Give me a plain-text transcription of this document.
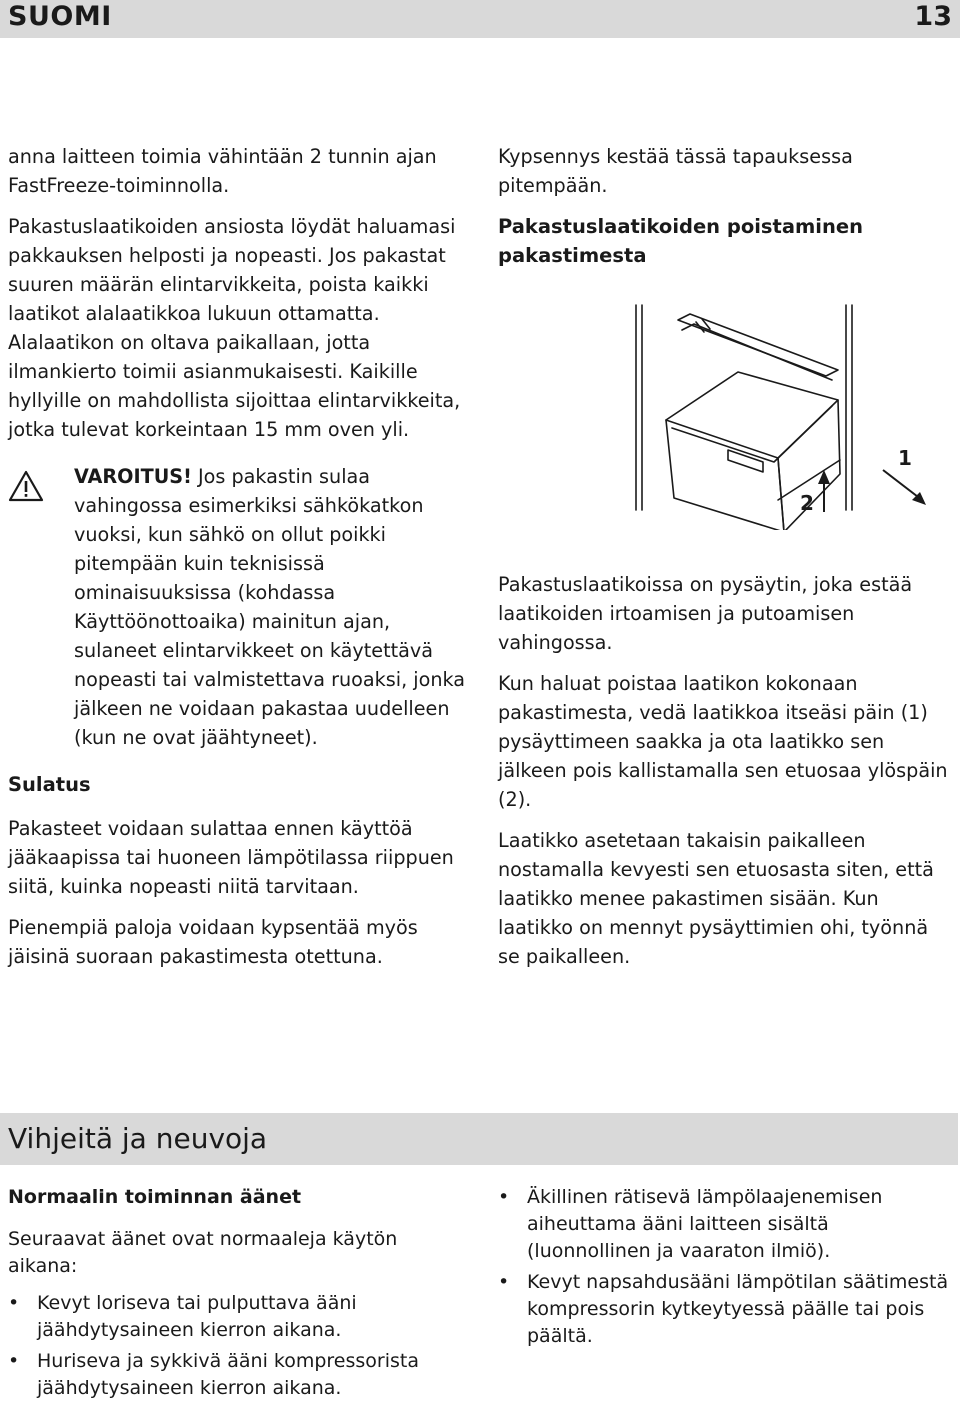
SUOMI	13

anna laitteen toimia vähintään 2 tunnin ajan FastFreeze-toiminnolla.

Pakastuslaatikoiden ansiosta löydät haluamasi pakkauksen helposti ja nopeasti. Jos pakastat suuren määrän elintarvikkeita, poista kaikki laatikot alalaatikkoa lukuun ottamatta. Alalaatikon on oltava paikallaan, jotta ilmankierto toimii asianmukaisesti. Kaikille hyllyille on mahdollista sijoittaa elintarvikkeita, jotka tulevat korkeintaan 15 mm oven yli.

VAROITUS! Jos pakastin sulaa vahingossa esimerkiksi sähkökatkon vuoksi, kun sähkö on ollut poikki pitempään kuin teknisissä ominaisuuksissa (kohdassa Käyttöönottoaika) mainitun ajan, sulaneet elintarvikkeet on käytettävä nopeasti tai valmistettava ruoaksi, jonka jälkeen ne voidaan pakastaa uudelleen (kun ne ovat jäähtyneet).

Sulatus

Pakasteet voidaan sulattaa ennen käyttöä jääkaapissa tai huoneen lämpötilassa riippuen siitä, kuinka nopeasti niitä tarvitaan.

Pienempiä paloja voidaan kypsentää myös jäisinä suoraan pakastimesta otettuna.

Kypsennys kestää tässä tapauksessa pitempään.

Pakastuslaatikoiden poistaminen pakastimesta
1
2

Pakastuslaatikoissa on pysäytin, joka estää laatikoiden irtoamisen ja putoamisen vahingossa.

Kun haluat poistaa laatikon kokonaan pakastimesta, vedä laatikkoa itseäsi päin (1) pysäyttimeen saakka ja ota laatikko sen jälkeen pois kallistamalla sen etuosaa ylöspäin (2).

Laatikko asetetaan takaisin paikalleen nostamalla kevyesti sen etuosasta siten, että laatikko menee pakastimen sisään. Kun laatikko on mennyt pysäyttimien ohi, työnnä se paikalleen.

Vihjeitä ja neuvoja
Normaalin toiminnan äänet

Seuraavat äänet ovat normaaleja käytön aikana:

• Kevyt loriseva tai pulputtava ääni jäähdytysaineen kierron aikana.
• Huriseva ja sykkivä ääni kompressorista jäähdytysaineen kierron aikana.
• Äkillinen rätisevä lämpölaajenemisen aiheuttama ääni laitteen sisältä (luonnollinen ja vaaraton ilmiö).
• Kevyt napsahdusääni lämpötilan säätimestä kompressorin kytkeytyessä päälle tai pois päältä.
